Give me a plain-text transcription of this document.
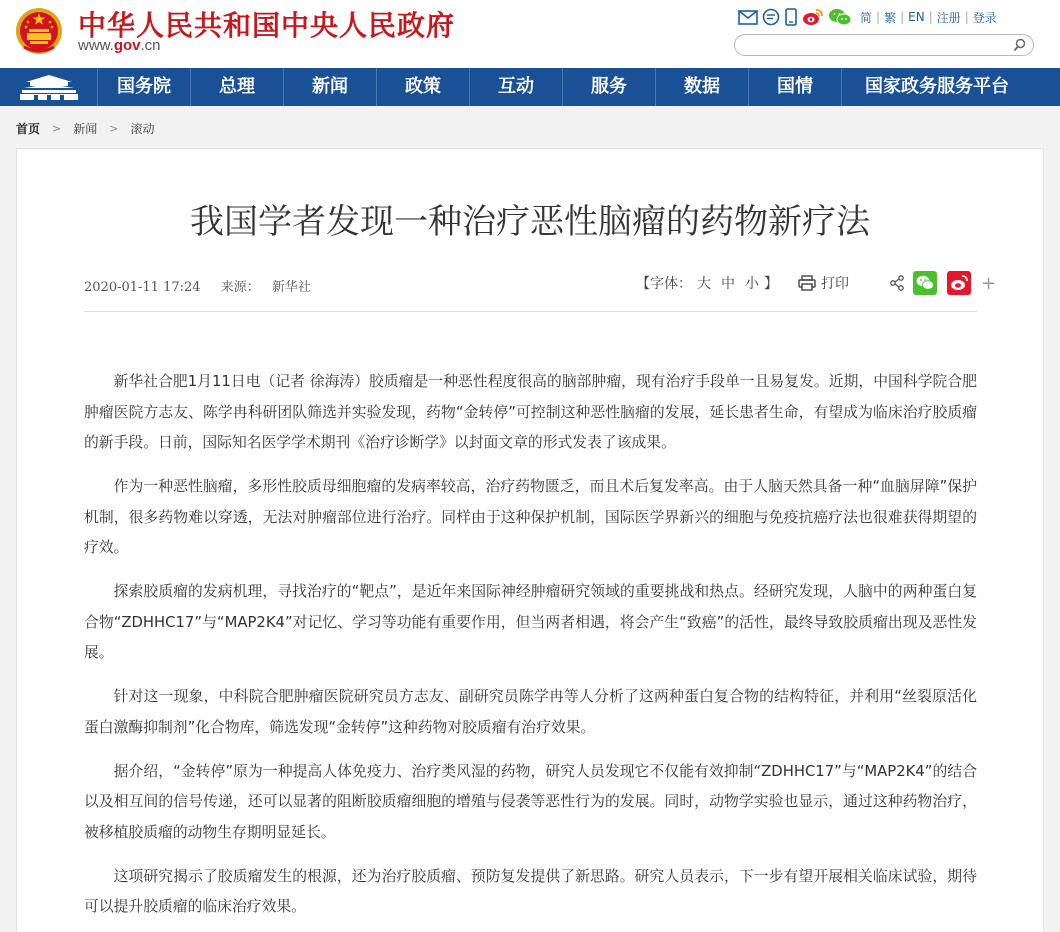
中华人民共和国中央人民政府
www.gov.cn
简 | 繁 | EN | 注册 | 登录
国务院	总理	新闻	政策	互动	服务	数据	国情	国家政务服务平台
首页 > 新闻 > 滚动
我国学者发现一种治疗恶性脑瘤的药物新疗法
2020-01-11 17:24 来源： 新华社	【字体： 大 中 小 】	打印	+

新华社合肥1月11日电（记者 徐海涛）胶质瘤是一种恶性程度很高的脑部肿瘤，现有治疗手段单一且易复发。近期，中国科学院合肥肿瘤医院方志友、陈学冉科研团队筛选并实验发现，药物“金转停”可控制这种恶性脑瘤的发展，延长患者生命，有望成为临床治疗胶质瘤的新手段。日前，国际知名医学学术期刊《治疗诊断学》以封面文章的形式发表了该成果。

作为一种恶性脑瘤，多形性胶质母细胞瘤的发病率较高，治疗药物匮乏，而且术后复发率高。由于人脑天然具备一种“血脑屏障”保护机制，很多药物难以穿透，无法对肿瘤部位进行治疗。同样由于这种保护机制，国际医学界新兴的细胞与免疫抗癌疗法也很难获得期望的疗效。

探索胶质瘤的发病机理，寻找治疗的“靶点”，是近年来国际神经肿瘤研究领域的重要挑战和热点。经研究发现，人脑中的两种蛋白复合物“ZDHHC17”与“MAP2K4”对记忆、学习等功能有重要作用，但当两者相遇，将会产生“致癌”的活性，最终导致胶质瘤出现及恶性发展。

针对这一现象，中科院合肥肿瘤医院研究员方志友、副研究员陈学冉等人分析了这两种蛋白复合物的结构特征，并利用“丝裂原活化蛋白激酶抑制剂”化合物库，筛选发现“金转停”这种药物对胶质瘤有治疗效果。

据介绍，“金转停”原为一种提高人体免疫力、治疗类风湿的药物，研究人员发现它不仅能有效抑制“ZDHHC17”与“MAP2K4”的结合以及相互间的信号传递，还可以显著的阻断胶质瘤细胞的增殖与侵袭等恶性行为的发展。同时，动物学实验也显示，通过这种药物治疗，被移植胶质瘤的动物生存期明显延长。

这项研究揭示了胶质瘤发生的根源，还为治疗胶质瘤、预防复发提供了新思路。研究人员表示，下一步有望开展相关临床试验，期待可以提升胶质瘤的临床治疗效果。
